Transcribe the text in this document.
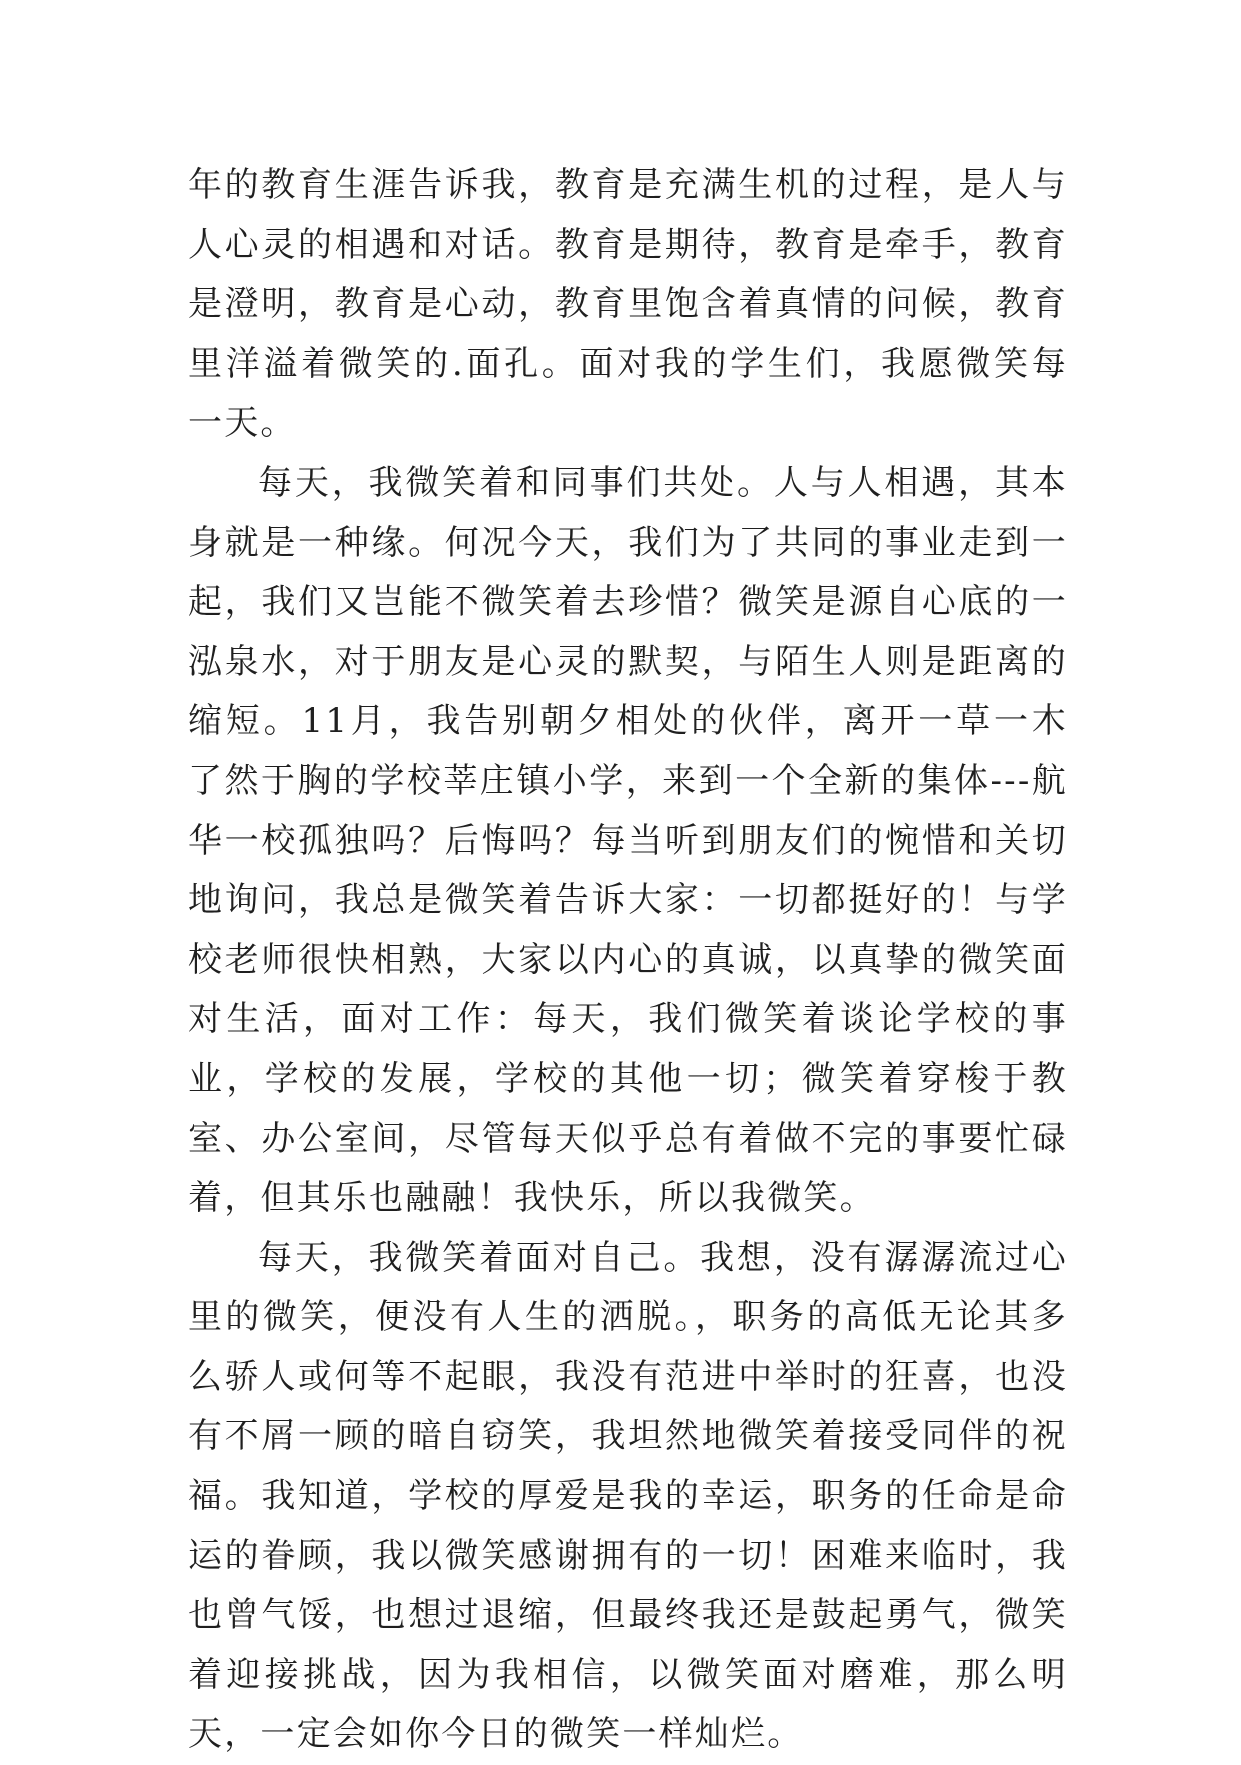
年的教育生涯告诉我，教育是充满生机的过程，是人与人心灵的相遇和对话。教育是期待，教育是牵手，教育是澄明，教育是心动，教育里饱含着真情的问候，教育里洋溢着微笑的.面孔。面对我的学生们，我愿微笑每一天。

每天，我微笑着和同事们共处。人与人相遇，其本身就是一种缘。何况今天，我们为了共同的事业走到一起，我们又岂能不微笑着去珍惜？微笑是源自心底的一泓泉水，对于朋友是心灵的默契，与陌生人则是距离的缩短。11月，我告别朝夕相处的伙伴，离开一草一木了然于胸的学校莘庄镇小学，来到一个全新的集体---航华一校孤独吗？后悔吗？每当听到朋友们的惋惜和关切地询问，我总是微笑着告诉大家：一切都挺好的！与学校老师很快相熟，大家以内心的真诚，以真挚的微笑面对生活，面对工作：每天，我们微笑着谈论学校的事业，学校的发展，学校的其他一切；微笑着穿梭于教室、办公室间，尽管每天似乎总有着做不完的事要忙碌着，但其乐也融融！我快乐，所以我微笑。

每天，我微笑着面对自己。我想，没有潺潺流过心里的微笑，便没有人生的洒脱。，职务的高低无论其多么骄人或何等不起眼，我没有范进中举时的狂喜，也没有不屑一顾的暗自窃笑，我坦然地微笑着接受同伴的祝福。我知道，学校的厚爱是我的幸运，职务的任命是命运的眷顾，我以微笑感谢拥有的一切！困难来临时，我也曾气馁，也想过退缩，但最终我还是鼓起勇气，微笑着迎接挑战，因为我相信，以微笑面对磨难，那么明天，一定会如你今日的微笑一样灿烂。
